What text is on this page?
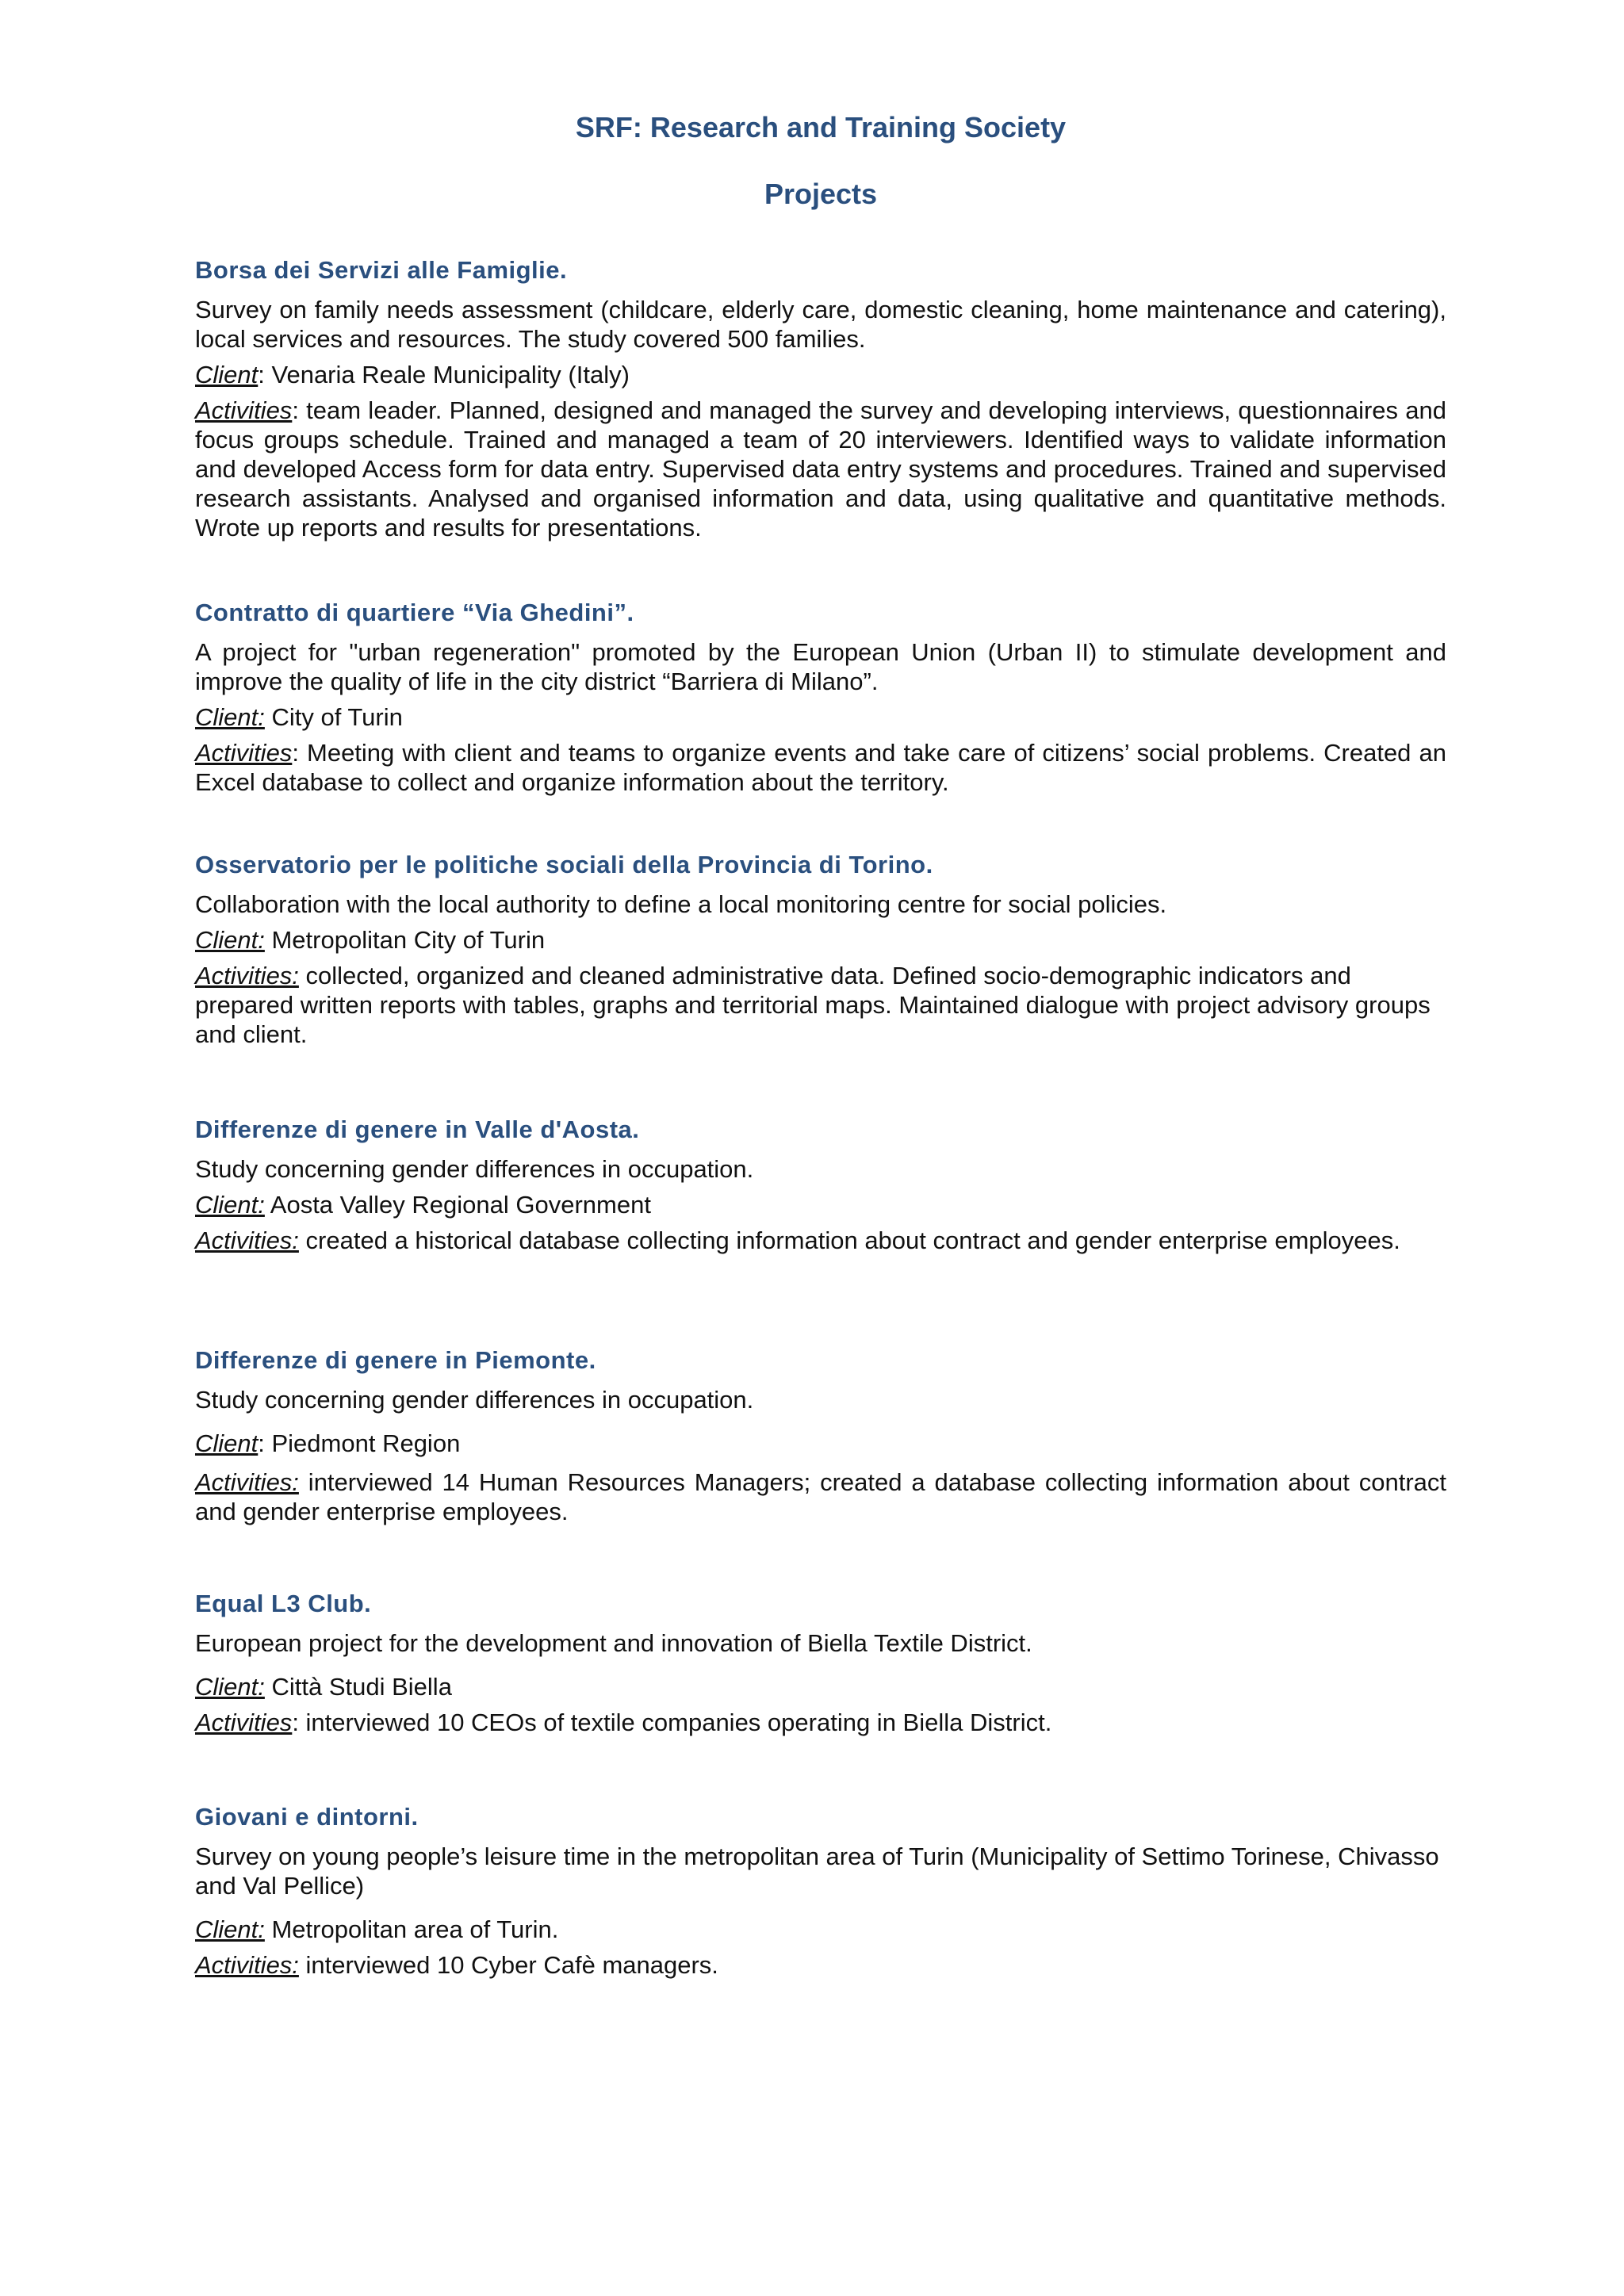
SRF: Research and Training Society
Projects
Borsa dei Servizi alle Famiglie.

Survey on family needs assessment (childcare, elderly care, domestic cleaning, home maintenance and catering), local services and resources. The study covered 500 families.

Client: Venaria Reale Municipality (Italy)

Activities: team leader. Planned, designed and managed the survey and developing interviews, questionnaires and focus groups schedule. Trained and managed a team of 20 interviewers. Identified ways to validate information and developed Access form for data entry. Supervised data entry systems and procedures. Trained and supervised research assistants. Analysed and organised information and data, using qualitative and quantitative methods. Wrote up reports and results for presentations.

Contratto di quartiere “Via Ghedini”.

A project for "urban regeneration" promoted by the European Union (Urban II) to stimulate development and improve the quality of life in the city district “Barriera di Milano”.

Client: City of Turin

Activities: Meeting with client and teams to organize events and take care of citizens’ social problems. Created an Excel database to collect and organize information about the territory.

Osservatorio per le politiche sociali della Provincia di Torino.

Collaboration with the local authority to define a local monitoring centre for social policies.

Client: Metropolitan City of Turin

Activities: collected, organized and cleaned administrative data. Defined socio-demographic indicators and prepared written reports with tables, graphs and territorial maps. Maintained dialogue with project advisory groups and client.

Differenze di genere in Valle d'Aosta.

Study concerning gender differences in occupation.

Client: Aosta Valley Regional Government

Activities: created a historical database collecting information about contract and gender enterprise employees.

Differenze di genere in Piemonte.

Study concerning gender differences in occupation.

Client: Piedmont Region

Activities: interviewed 14 Human Resources Managers; created a database collecting information about contract and gender enterprise employees.

Equal L3 Club.

European project for the development and innovation of Biella Textile District.

Client: Città Studi Biella

Activities: interviewed 10 CEOs of textile companies operating in Biella District.

Giovani e dintorni.

Survey on young people’s leisure time in the metropolitan area of Turin (Municipality of Settimo Torinese, Chivasso and Val Pellice)

Client: Metropolitan area of Turin.

Activities: interviewed 10 Cyber Cafè managers.
